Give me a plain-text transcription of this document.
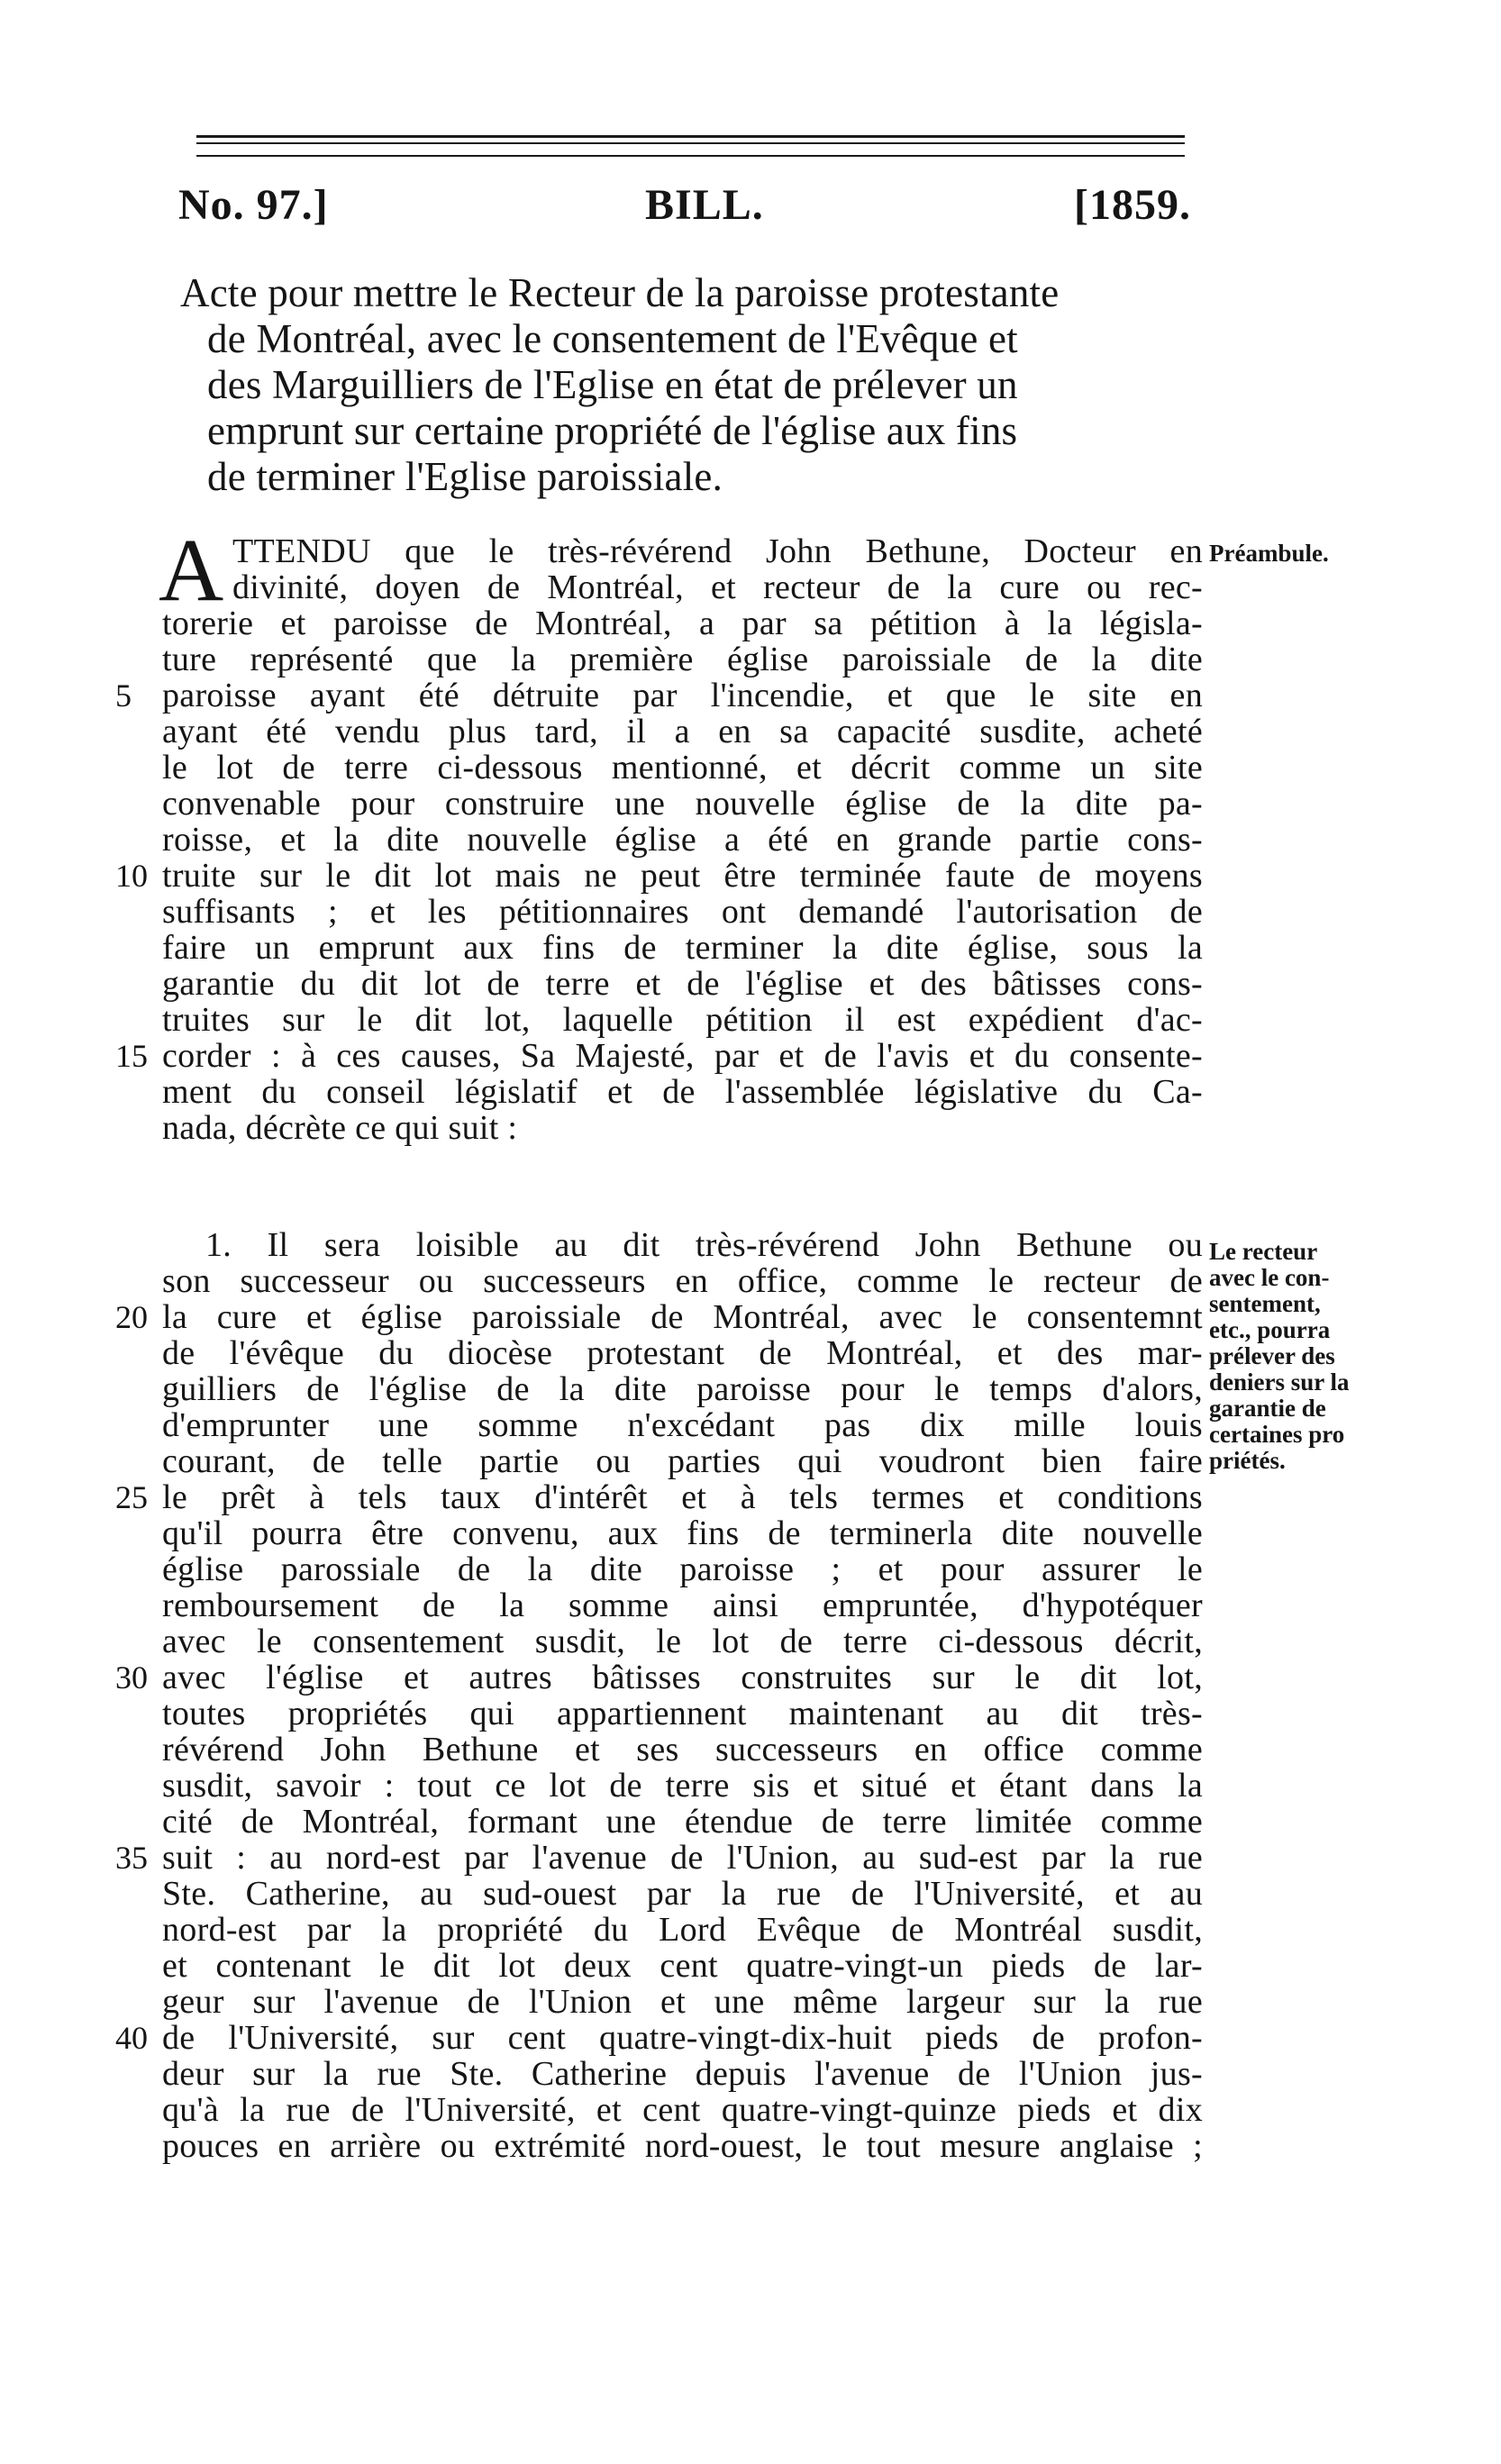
No. 97.]	BILL.	[1859.
Acte pour mettre le Recteur de la paroisse protestante
de Montréal, avec le consentement de l'Evêque et
des Marguilliers de l'Eglise en état de prélever un
emprunt sur certaine propriété de l'église aux fins
de terminer l'Eglise paroissiale.
A TTENDU que le très-révérend John Bethune, Docteur en
divinité, doyen de Montréal, et recteur de la cure ou rec-
torerie et paroisse de Montréal, a par sa pétition à la législa-
ture représenté que la première église paroissiale de la dite
paroisse ayant été détruite par l'incendie, et que le site en
ayant été vendu plus tard, il a en sa capacité susdite, acheté
le lot de terre ci-dessous mentionné, et décrit comme un site
convenable pour construire une nouvelle église de la dite pa-
roisse, et la dite nouvelle église a été en grande partie cons-
truite sur le dit lot mais ne peut être terminée faute de moyens
suffisants ; et les pétitionnaires ont demandé l'autorisation de
faire un emprunt aux fins de terminer la dite église, sous la
garantie du dit lot de terre et de l'église et des bâtisses cons-
truites sur le dit lot, laquelle pétition il est expédient d'ac-
corder : à ces causes, Sa Majesté, par et de l'avis et du consente-
ment du conseil législatif et de l'assemblée législative du Ca-
nada, décrète ce qui suit :
Préambule.
1. Il sera loisible au dit très-révérend John Bethune ou
son successeur ou successeurs en office, comme le recteur de
la cure et église paroissiale de Montréal, avec le consentemnt
de l'évêque du diocèse protestant de Montréal, et des mar-
guilliers de l'église de la dite paroisse pour le temps d'alors,
d'emprunter une somme n'excédant pas dix mille louis
courant, de telle partie ou parties qui voudront bien faire
le prêt à tels taux d'intérêt et à tels termes et conditions
qu'il pourra être convenu, aux fins de terminerla dite nouvelle
église parossiale de la dite paroisse ; et pour assurer le
remboursement de la somme ainsi empruntée, d'hypotéquer
avec le consentement susdit, le lot de terre ci-dessous décrit,
avec l'église et autres bâtisses construites sur le dit lot,
toutes propriétés qui appartiennent maintenant au dit très-
révérend John Bethune et ses successeurs en office comme
susdit, savoir : tout ce lot de terre sis et situé et étant dans la
cité de Montréal, formant une étendue de terre limitée comme
suit : au nord-est par l'avenue de l'Union, au sud-est par la rue
Ste. Catherine, au sud-ouest par la rue de l'Université, et au
nord-est par la propriété du Lord Evêque de Montréal susdit,
et contenant le dit lot deux cent quatre-vingt-un pieds de lar-
geur sur l'avenue de l'Union et une même largeur sur la rue
de l'Université, sur cent quatre-vingt-dix-huit pieds de profon-
deur sur la rue Ste. Catherine depuis l'avenue de l'Union jus-
qu'à la rue de l'Université, et cent quatre-vingt-quinze pieds et dix
pouces en arrière ou extrémité nord-ouest, le tout mesure anglaise ;
Le recteur
avec le con-
sentement,
etc., pourra
prélever des
deniers sur la
garantie de
certaines pro
priétés.
5
10
15
20
25
30
35
40
